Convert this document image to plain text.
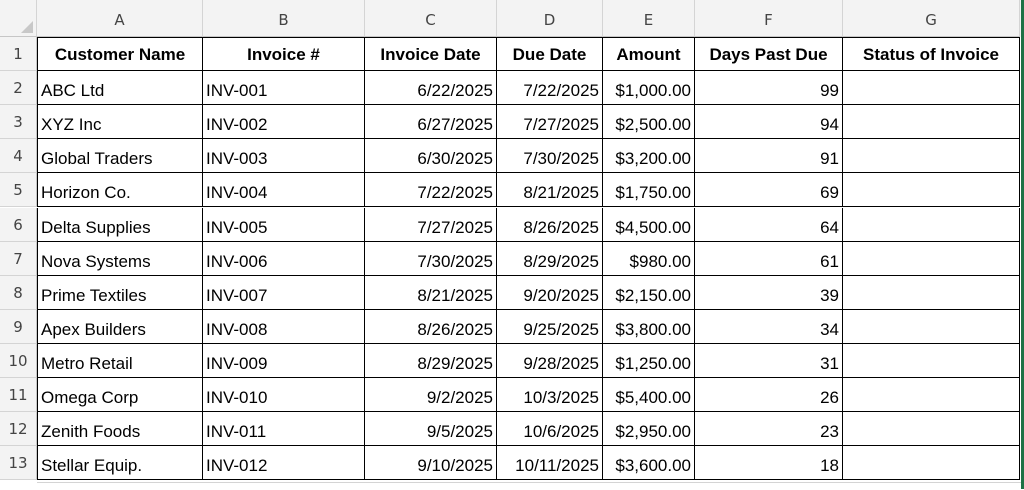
A	B	C	D	E	F	G
1
2
3
4
5
6
7
8
9
10
11
12
13
Customer Name	Invoice #	Invoice Date	Due Date	Amount	Days Past Due	Status of Invoice
ABC Ltd	INV-001	6/22/2025	7/22/2025 $1,000.00	99
XYZ Inc	INV-002	6/27/2025	7/27/2025 $2,500.00	94
Global Traders	INV-003	6/30/2025	7/30/2025 $3,200.00	91
Horizon Co.	INV-004	7/22/2025	8/21/2025 $1,750.00	69
Delta Supplies	INV-005	7/27/2025	8/26/2025 $4,500.00	64
Nova Systems	INV-006	7/30/2025	8/29/2025	$980.00	61
Prime Textiles	INV-007	8/21/2025	9/20/2025 $2,150.00	39
Apex Builders	INV-008	8/26/2025	9/25/2025 $3,800.00	34
Metro Retail	INV-009	8/29/2025	9/28/2025 $1,250.00	31
Omega Corp	INV-010	9/2/2025	10/3/2025 $5,400.00	26
Zenith Foods	INV-011	9/5/2025	10/6/2025 $2,950.00	23
Stellar Equip.	INV-012	9/10/2025	10/11/2025 $3,600.00	18
